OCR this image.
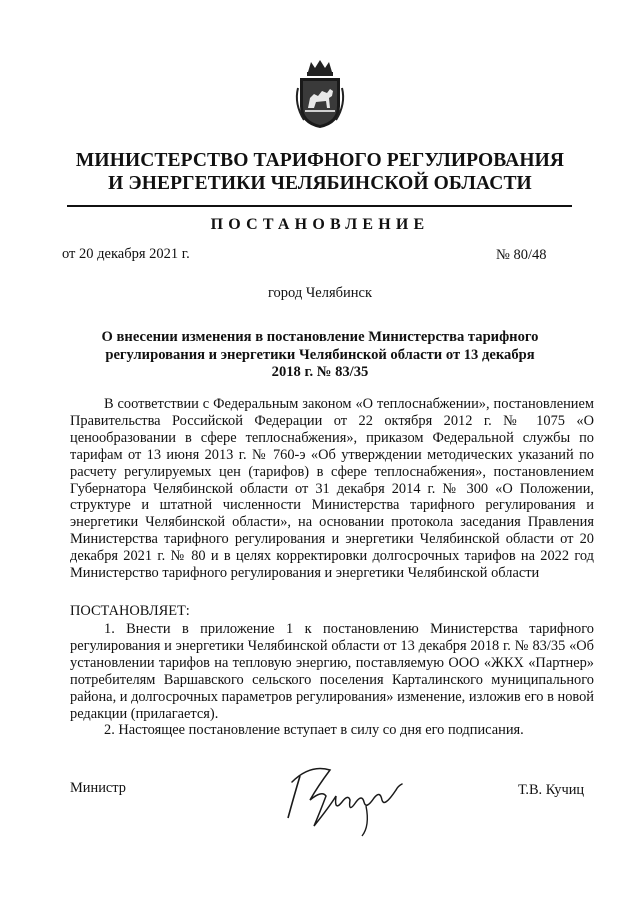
МИНИСТЕРСТВО ТАРИФНОГО РЕГУЛИРОВАНИЯ
И ЭНЕРГЕТИКИ ЧЕЛЯБИНСКОЙ ОБЛАСТИ
ПОСТАНОВЛЕНИЕ
от 20 декабря 2021 г.	№ 80/48
город Челябинск
О внесении изменения в постановление Министерства тарифного регулирования и энергетики Челябинской области от 13 декабря 2018 г. № 83/35
В соответствии с Федеральным законом «О теплоснабжении», постановлением Правительства Российской Федерации от 22 октября 2012 г. № 1075 «О ценообразовании в сфере теплоснабжения», приказом Федеральной службы по тарифам от 13 июня 2013 г. № 760-э «Об утверждении методических указаний по расчету регулируемых цен (тарифов) в сфере теплоснабжения», постановлением Губернатора Челябинской области от 31 декабря 2014 г. № 300 «О Положении, структуре и штатной численности Министерства тарифного регулирования и энергетики Челябинской области», на основании протокола заседания Правления Министерства тарифного регулирования и энергетики Челябинской области от 20 декабря 2021 г. № 80 и в целях корректировки долгосрочных тарифов на 2022 год Министерство тарифного регулирования и энергетики Челябинской области
ПОСТАНОВЛЯЕТ:
1. Внести в приложение 1 к постановлению Министерства тарифного регулирования и энергетики Челябинской области от 13 декабря 2018 г. № 83/35 «Об установлении тарифов на тепловую энергию, поставляемую ООО «ЖКХ «Партнер» потребителям Варшавского сельского поселения Карталинского муниципального района, и долгосрочных параметров регулирования» изменение, изложив его в новой редакции (прилагается).
2. Настоящее постановление вступает в силу со дня его подписания.
Министр	Т.В. Кучиц
